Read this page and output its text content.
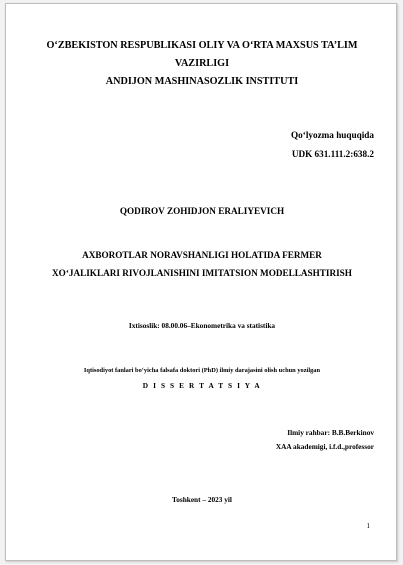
O‘ZBEKISTON RESPUBLIKASI OLIY VA O‘RTA MAXSUS TA’LIM
VAZIRLIGI
ANDIJON MASHINASOZLIK INSTITUTI
Qo‘lyozma huquqida
UDK 631.111.2:638.2
QODIROV ZOHIDJON ERALIYEVICH
AXBOROTLAR NORAVSHANLIGI HOLATIDA FERMER
XO‘JALIKLARI RIVOJLANISHINI IMITATSION MODELLASHTIRISH
Ixtisoslik: 08.00.06–Ekonometrika va statistika
Iqtisodiyot fanlari bo‘yicha falsafa doktori (PhD) ilmiy darajasini olish uchun yozilgan
D I S S E R T A T S I Y A
Ilmiy rahbar: B.B.Berkinov
XAA akademigi, i.f.d.,professor
Toshkent – 2023 yil
1
